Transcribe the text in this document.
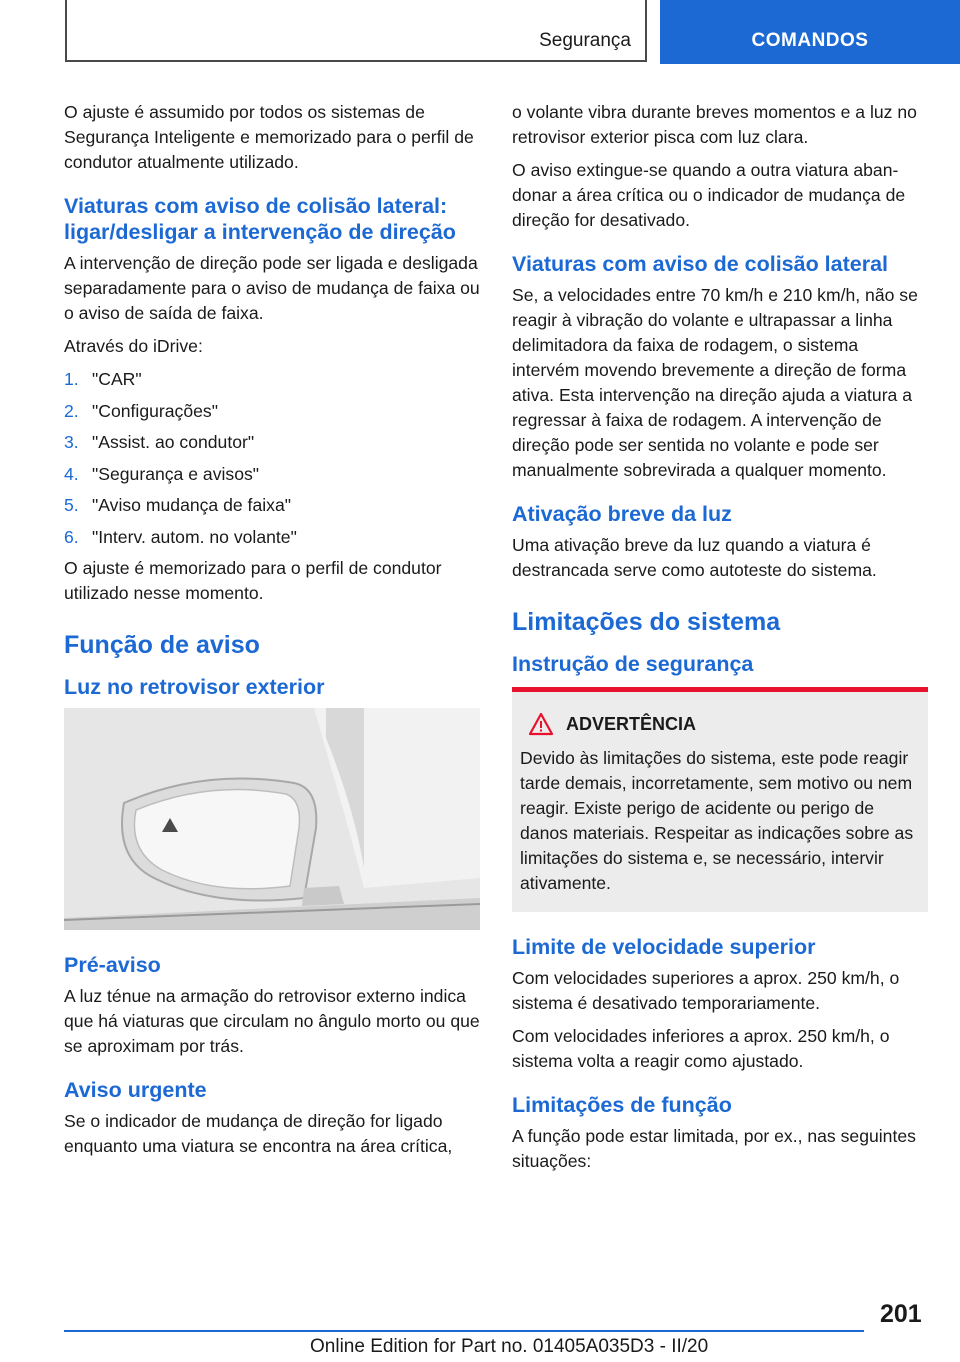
Segurança	COMANDOS

O ajuste é assumido por todos os sistemas de Segurança Inteligente e memorizado para o perfil de condutor atualmente utilizado.

Viaturas com aviso de colisão lateral: ligar/desligar a intervenção de direção

A intervenção de direção pode ser ligada e desligada separadamente para o aviso de mudança de faixa ou o aviso de saída de faixa.

Através do iDrive:

1. "CAR"
2. "Configurações"
3. "Assist. ao condutor"
4. "Segurança e avisos"
5. "Aviso mudança de faixa"
6. "Interv. autom. no volante"

O ajuste é memorizado para o perfil de condutor utilizado nesse momento.

Função de aviso
Luz no retrovisor exterior
Pré-aviso

A luz ténue na armação do retrovisor externo indica que há viaturas que circulam no ângulo morto ou que se aproximam por trás.

Aviso urgente

Se o indicador de mudança de direção for ligado enquanto uma viatura se encontra na área crítica,

o volante vibra durante breves momentos e a luz no retrovisor exterior pisca com luz clara.

O aviso extingue-se quando a outra viatura abandonar a área crítica ou o indicador de mudança de direção for desativado.

Viaturas com aviso de colisão lateral

Se, a velocidades entre 70 km/h e 210 km/h, não se reagir à vibração do volante e ultrapassar a linha delimitadora da faixa de rodagem, o sistema intervém movendo brevemente a direção de forma ativa. Esta intervenção na direção ajuda a viatura a regressar à faixa de rodagem. A intervenção de direção pode ser sentida no volante e pode ser manualmente sobrevirada a qualquer momento.

Ativação breve da luz

Uma ativação breve da luz quando a viatura é destrancada serve como autoteste do sistema.

Limitações do sistema
Instrução de segurança
ADVERTÊNCIA

Devido às limitações do sistema, este pode reagir tarde demais, incorretamente, sem motivo ou nem reagir. Existe perigo de acidente ou perigo de danos materiais. Respeitar as indicações sobre as limitações do sistema e, se necessário, intervir ativamente.

Limite de velocidade superior

Com velocidades superiores a aprox. 250 km/h, o sistema é desativado temporariamente.

Com velocidades inferiores a aprox. 250 km/h, o sistema volta a reagir como ajustado.

Limitações de função

A função pode estar limitada, por ex., nas seguintes situações:

201
Online Edition for Part no. 01405A035D3 - II/20
